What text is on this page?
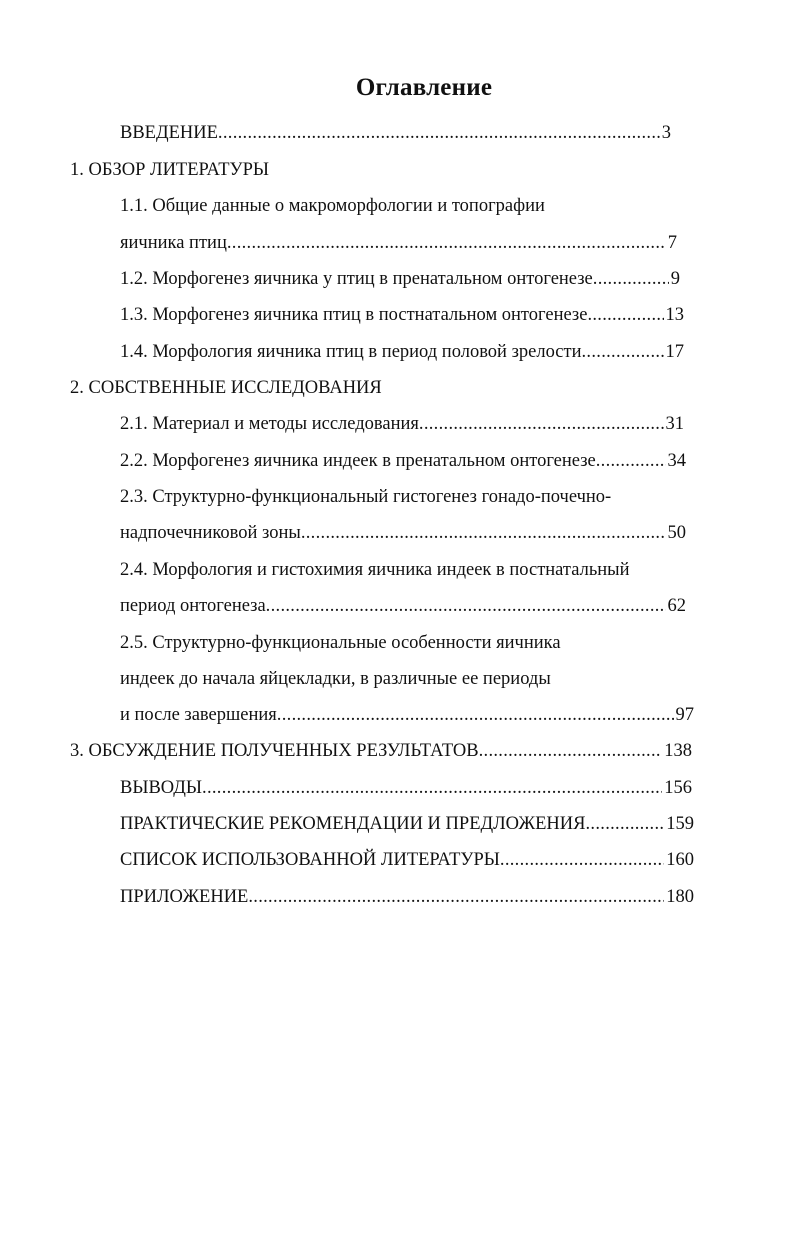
Оглавление
ВВЕДЕНИЕ .....	3
1. ОБЗОР ЛИТЕРАТУРЫ
1.1. Общие данные о макроморфологии и топографии
яичника птиц .....	7
1.2. Морфогенез яичника у птиц в пренатальном онтогенезе .....	9
1.3. Морфогенез яичника птиц в постнатальном онтогенезе .....	13
1.4. Морфология яичника птиц в период половой зрелости .....	17
2. СОБСТВЕННЫЕ ИССЛЕДОВАНИЯ
2.1. Материал и методы исследования .....	31
2.2. Морфогенез яичника индеек в пренатальном онтогенезе .....	34
2.3. Структурно-функциональный гистогенез гонадо-почечно-
надпочечниковой зоны .....	50
2.4. Морфология и гистохимия яичника индеек в постнатальный
период онтогенеза .....	62
2.5. Структурно-функциональные особенности яичника
индеек до начала яйцекладки, в различные ее периоды
и после завершения .....	97
3. ОБСУЖДЕНИЕ ПОЛУЧЕННЫХ РЕЗУЛЬТАТОВ .....	138
ВЫВОДЫ .....	156
ПРАКТИЧЕСКИЕ РЕКОМЕНДАЦИИ И ПРЕДЛОЖЕНИЯ .....	159
СПИСОК ИСПОЛЬЗОВАННОЙ ЛИТЕРАТУРЫ .....	160
ПРИЛОЖЕНИЕ .....	180
